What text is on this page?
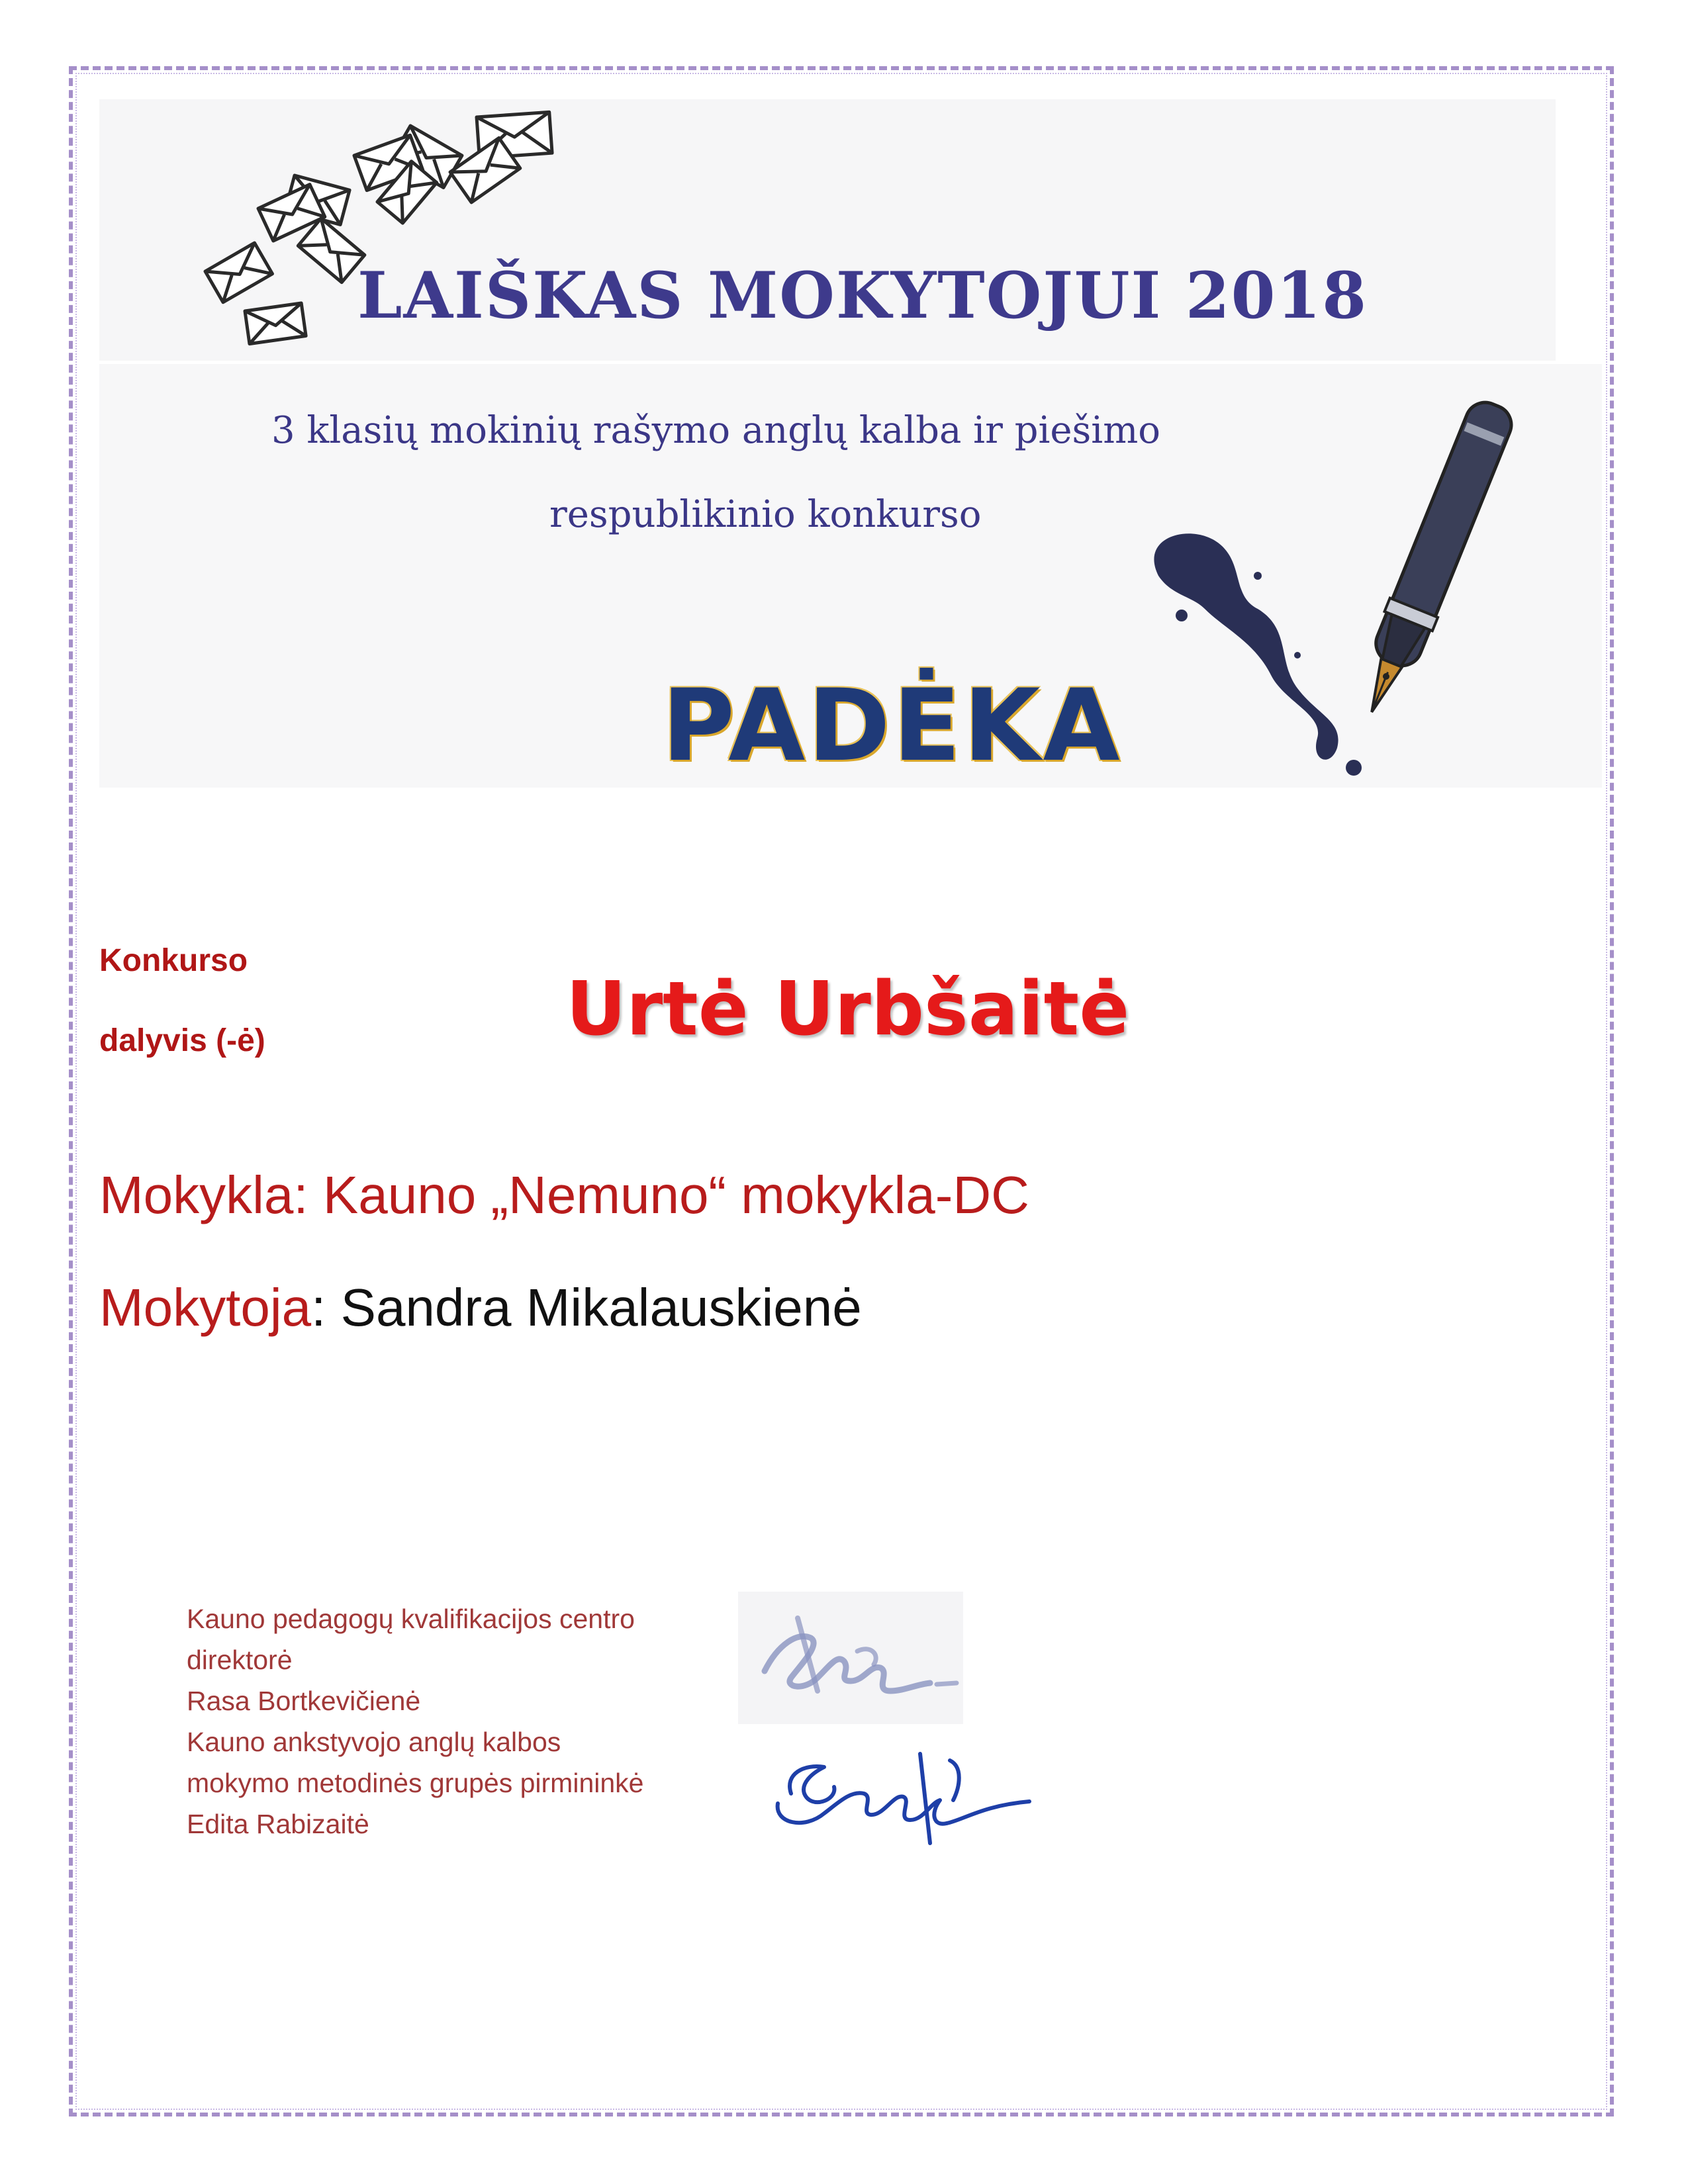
LAIŠKAS MOKYTOJUI 2018
3 klasių mokinių rašymo anglų kalba ir piešimo
respublikinio konkurso
PADĖKA
Konkurso
dalyvis (-ė)	Urtė Urbšaitė
Mokykla: Kauno „Nemuno“ mokykla-DC
Mokytoja: Sandra Mikalauskienė
Kauno pedagogų kvalifikacijos centro
direktorė
Rasa Bortkevičienė
Kauno ankstyvojo anglų kalbos
mokymo metodinės grupės pirmininkė
Edita Rabizaitė
